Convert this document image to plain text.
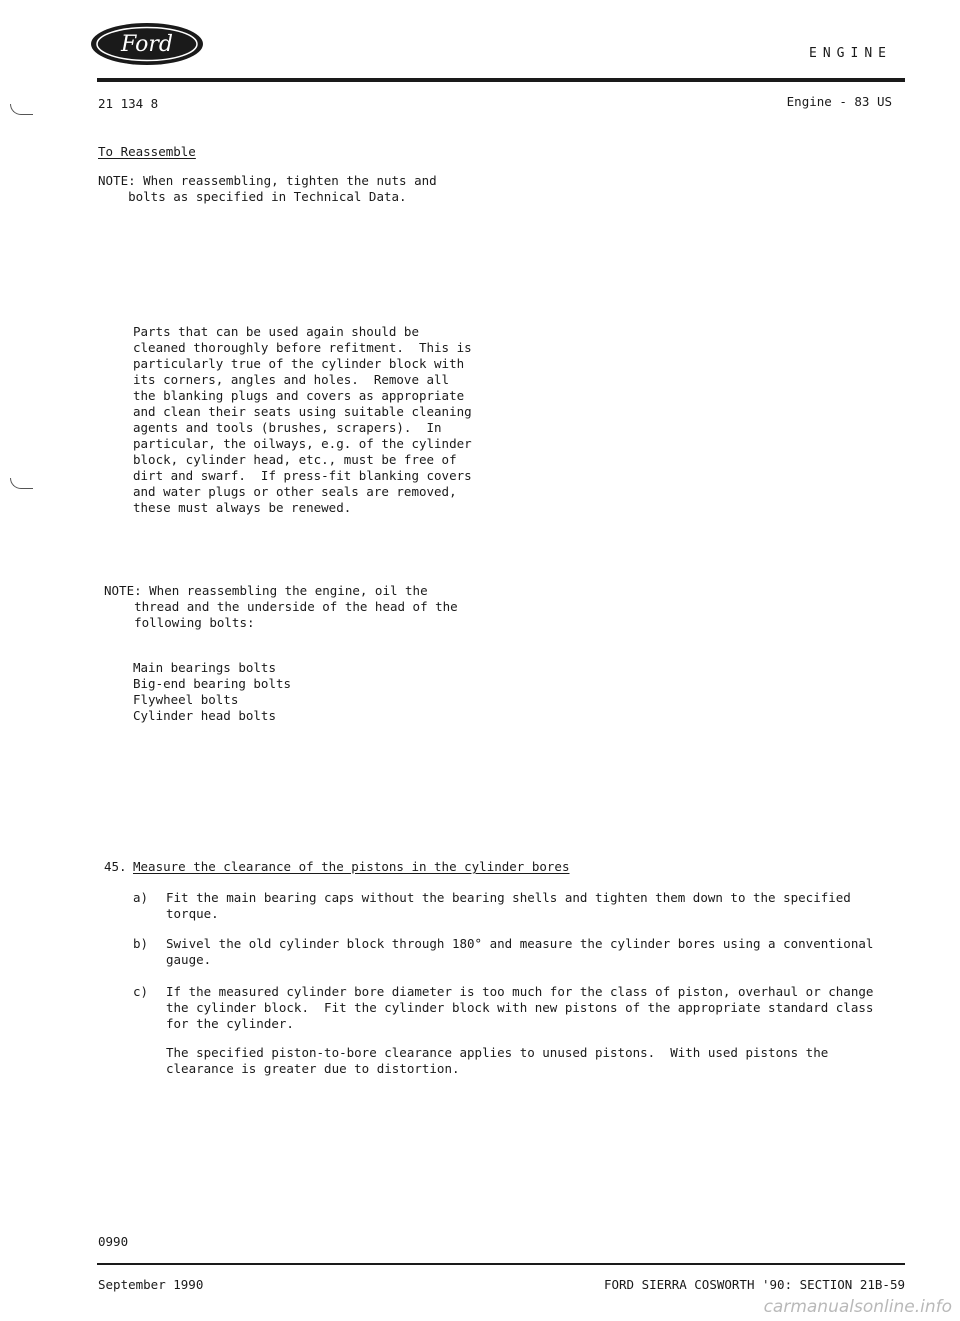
Ford	ENGINE
21 134 8	Engine - 83 US
To Reassemble
NOTE: When reassembling, tighten the nuts and
bolts as specified in Technical Data.
Parts that can be used again should be
cleaned thoroughly before refitment.  This is
particularly true of the cylinder block with
its corners, angles and holes.  Remove all
the blanking plugs and covers as appropriate
and clean their seats using suitable cleaning
agents and tools (brushes, scrapers).  In
particular, the oilways, e.g. of the cylinder
block, cylinder head, etc., must be free of
dirt and swarf.  If press-fit blanking covers
and water plugs or other seals are removed,
these must always be renewed.
NOTE: When reassembling the engine, oil the
thread and the underside of the head of the
following bolts:
Main bearings bolts
Big-end bearing bolts
Flywheel bolts
Cylinder head bolts
45. Measure the clearance of the pistons in the cylinder bores
a) Fit the main bearing caps without the bearing shells and tighten them down to the specified
torque.
b) Swivel the old cylinder block through 180° and measure the cylinder bores using a conventional
gauge.
c) If the measured cylinder bore diameter is too much for the class of piston, overhaul or change
the cylinder block.  Fit the cylinder block with new pistons of the appropriate standard class
for the cylinder.
The specified piston-to-bore clearance applies to unused pistons.  With used pistons the
clearance is greater due to distortion.
0990
September 1990	FORD SIERRA COSWORTH '90: SECTION 21B-59
carmanualsonline.info
